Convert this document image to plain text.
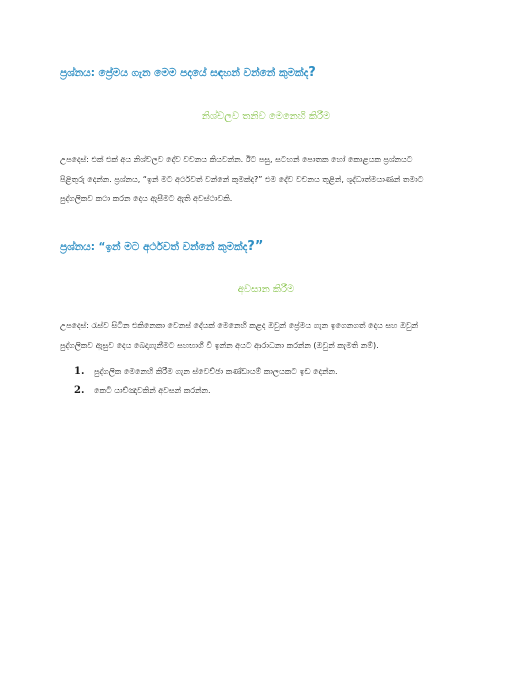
ප්‍රශ්නය: ප්‍රේමය ගැන මෙම පදයේ සඳහන් වන්නේ කුමක්ද?
නිශ්චලව තනිව මෙනෙහි කිරීම
උපදෙස්: එක් එක් අය නිශ්චලව දේව වචනය කියවන්න. ඊට පසු, සටහන් පොතක හෝ කොළයක ප්‍රශ්නයට
පිළිතුරු දෙන්න. ප්‍රශ්නය, “ඉන් මට අර්ථවත් වන්නේ කුමක්ද?” එම දේව වචනය තුළින්, ශුද්ධාත්මයාණන් තමාට
පුද්ගලිකව කථා කරන දෙය ඇසීමට ඇති අවස්ථාවකි.
ප්‍රශ්නය: “ඉන් මට අර්ථවත් වන්නේ කුමක්ද?”
අවසාන කිරීම
උපදෙස්: රැස්ව සිටින එකිනෙකා වෙනස් දේයක් මෙනෙහි කළද ඔවුන් ප්‍රේමය ගැන ඉගෙනගත් දෙය සහ ඔවුන්
පුද්ගලිකව ඇසුව දෙය බෙදාගැනීමට සහභාගී වී ඉන්න අයට ආරාධනා කරන්න (ඔවුන් කැමති නම්).
1. පුද්ගලික මෙනෙහි කිරීම ගැන ස්වෙච්ඡා කණ්ඩායම් කාලයකට ඉඩ දෙන්න.
2. කෙටි යාච්ඤාවකින් අවසන් කරන්න.
